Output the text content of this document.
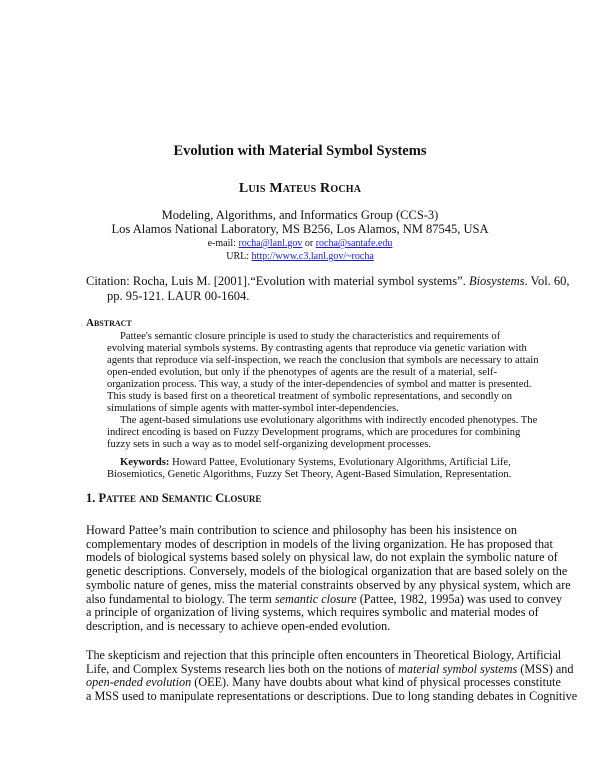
Evolution with Material Symbol Systems
Luis Mateus Rocha
Modeling, Algorithms, and Informatics Group (CCS-3)
Los Alamos National Laboratory, MS B256, Los Alamos, NM 87545, USA
e-mail: rocha@lanl.gov or rocha@santafe.edu
URL: http://www.c3.lanl.gov/~rocha
Citation: Rocha, Luis M. [2001].“Evolution with material symbol systems”. Biosystems. Vol. 60,
pp. 95-121. LAUR 00-1604.
Abstract
Pattee's semantic closure principle is used to study the characteristics and requirements of
evolving material symbols systems. By contrasting agents that reproduce via genetic variation with
agents that reproduce via self-inspection, we reach the conclusion that symbols are necessary to attain
open-ended evolution, but only if the phenotypes of agents are the result of a material, self-
organization process. This way, a study of the inter-dependencies of symbol and matter is presented.
This study is based first on a theoretical treatment of symbolic representations, and secondly on
simulations of simple agents with matter-symbol inter-dependencies.
The agent-based simulations use evolutionary algorithms with indirectly encoded phenotypes. The
indirect encoding is based on Fuzzy Development programs, which are procedures for combining
fuzzy sets in such a way as to model self-organizing development processes.
Keywords: Howard Pattee, Evolutionary Systems, Evolutionary Algorithms, Artificial Life,
Biosemiotics, Genetic Algorithms, Fuzzy Set Theory, Agent-Based Simulation, Representation.
1. Pattee and Semantic Closure
Howard Pattee’s main contribution to science and philosophy has been his insistence on
complementary modes of description in models of the living organization. He has proposed that
models of biological systems based solely on physical law, do not explain the symbolic nature of
genetic descriptions. Conversely, models of the biological organization that are based solely on the
symbolic nature of genes, miss the material constraints observed by any physical system, which are
also fundamental to biology. The term semantic closure (Pattee, 1982, 1995a) was used to convey
a principle of organization of living systems, which requires symbolic and material modes of
description, and is necessary to achieve open-ended evolution.
The skepticism and rejection that this principle often encounters in Theoretical Biology, Artificial
Life, and Complex Systems research lies both on the notions of material symbol systems (MSS) and
open-ended evolution (OEE). Many have doubts about what kind of physical processes constitute
a MSS used to manipulate representations or descriptions. Due to long standing debates in Cognitive
